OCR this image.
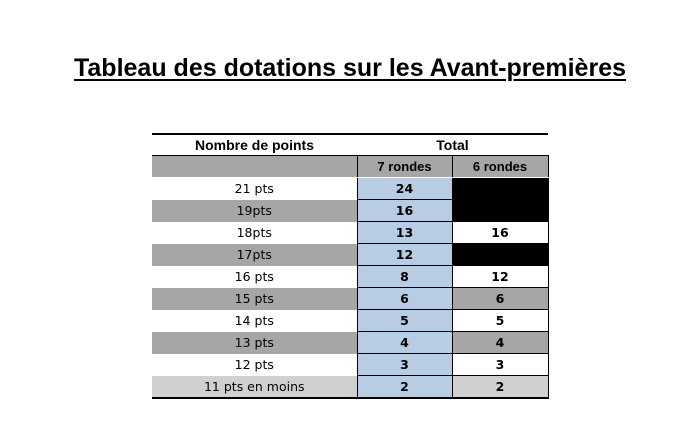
Tableau des dotations sur les Avant-premières
Nombre de points	Total	
	7 rondes	6 rondes
21 pts	24	
19pts	16	
18pts	13	16
17pts	12	
16 pts	8	12
15 pts	6	6
14 pts	5	5
13 pts	4	4
12 pts	3	3
11 pts en moins	2	2
